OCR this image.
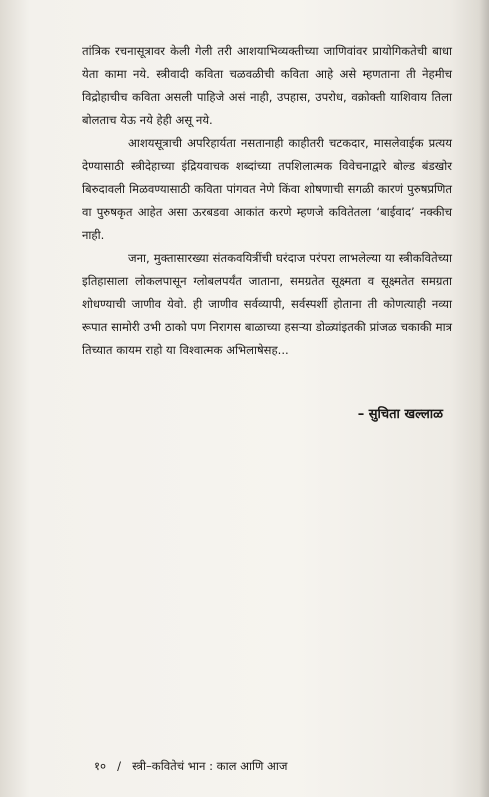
तांत्रिक रचनासूत्रावर केली गेली तरी आशयाभिव्यक्तीच्या जाणिवांवर प्रायोगिकतेची बाधा येता कामा नये. स्त्रीवादी कविता चळवळीची कविता आहे असे म्हणताना ती नेहमीच विद्रोहाचीच कविता असली पाहिजे असं नाही, उपहास, उपरोध, वक्रोक्ती याशिवाय तिला बोलताच येऊ नये हेही असू नये.

आशयसूत्राची अपरिहार्यता नसतानाही काहीतरी चटकदार, मासलेवाईक प्रत्यय देण्यासाठी स्त्रीदेहाच्या इंद्रियवाचक शब्दांच्या तपशिलात्मक विवेचनाद्वारे बोल्ड बंडखोर बिरुदावली मिळवण्यासाठी कविता पांगवत नेणे किंवा शोषणाची सगळी कारणं पुरुषप्रणित वा पुरुषकृत आहेत असा ऊरबडवा आकांत करणे म्हणजे कवितेतला ‘बाईवाद’ नक्कीच नाही.

जना, मुक्तासारख्या संतकवयित्रींची घरंदाज परंपरा लाभलेल्या या स्त्रीकवितेच्या इतिहासाला लोकलपासून ग्लोबलपर्यंत जाताना, समग्रतेत सूक्ष्मता व सूक्ष्मतेत समग्रता शोधण्याची जाणीव येवो. ही जाणीव सर्वव्यापी, सर्वस्पर्शी होताना ती कोणत्याही नव्या रूपात सामोरी उभी ठाको पण निरागस बाळाच्या हसऱ्या डोळ्यांइतकी प्रांजळ चकाकी मात्र तिच्यात कायम राहो या विश्वात्मक अभिलाषेसह...

– सुचिता खल्लाळ
१० / स्त्री–कवितेचं भान : काल आणि आज
